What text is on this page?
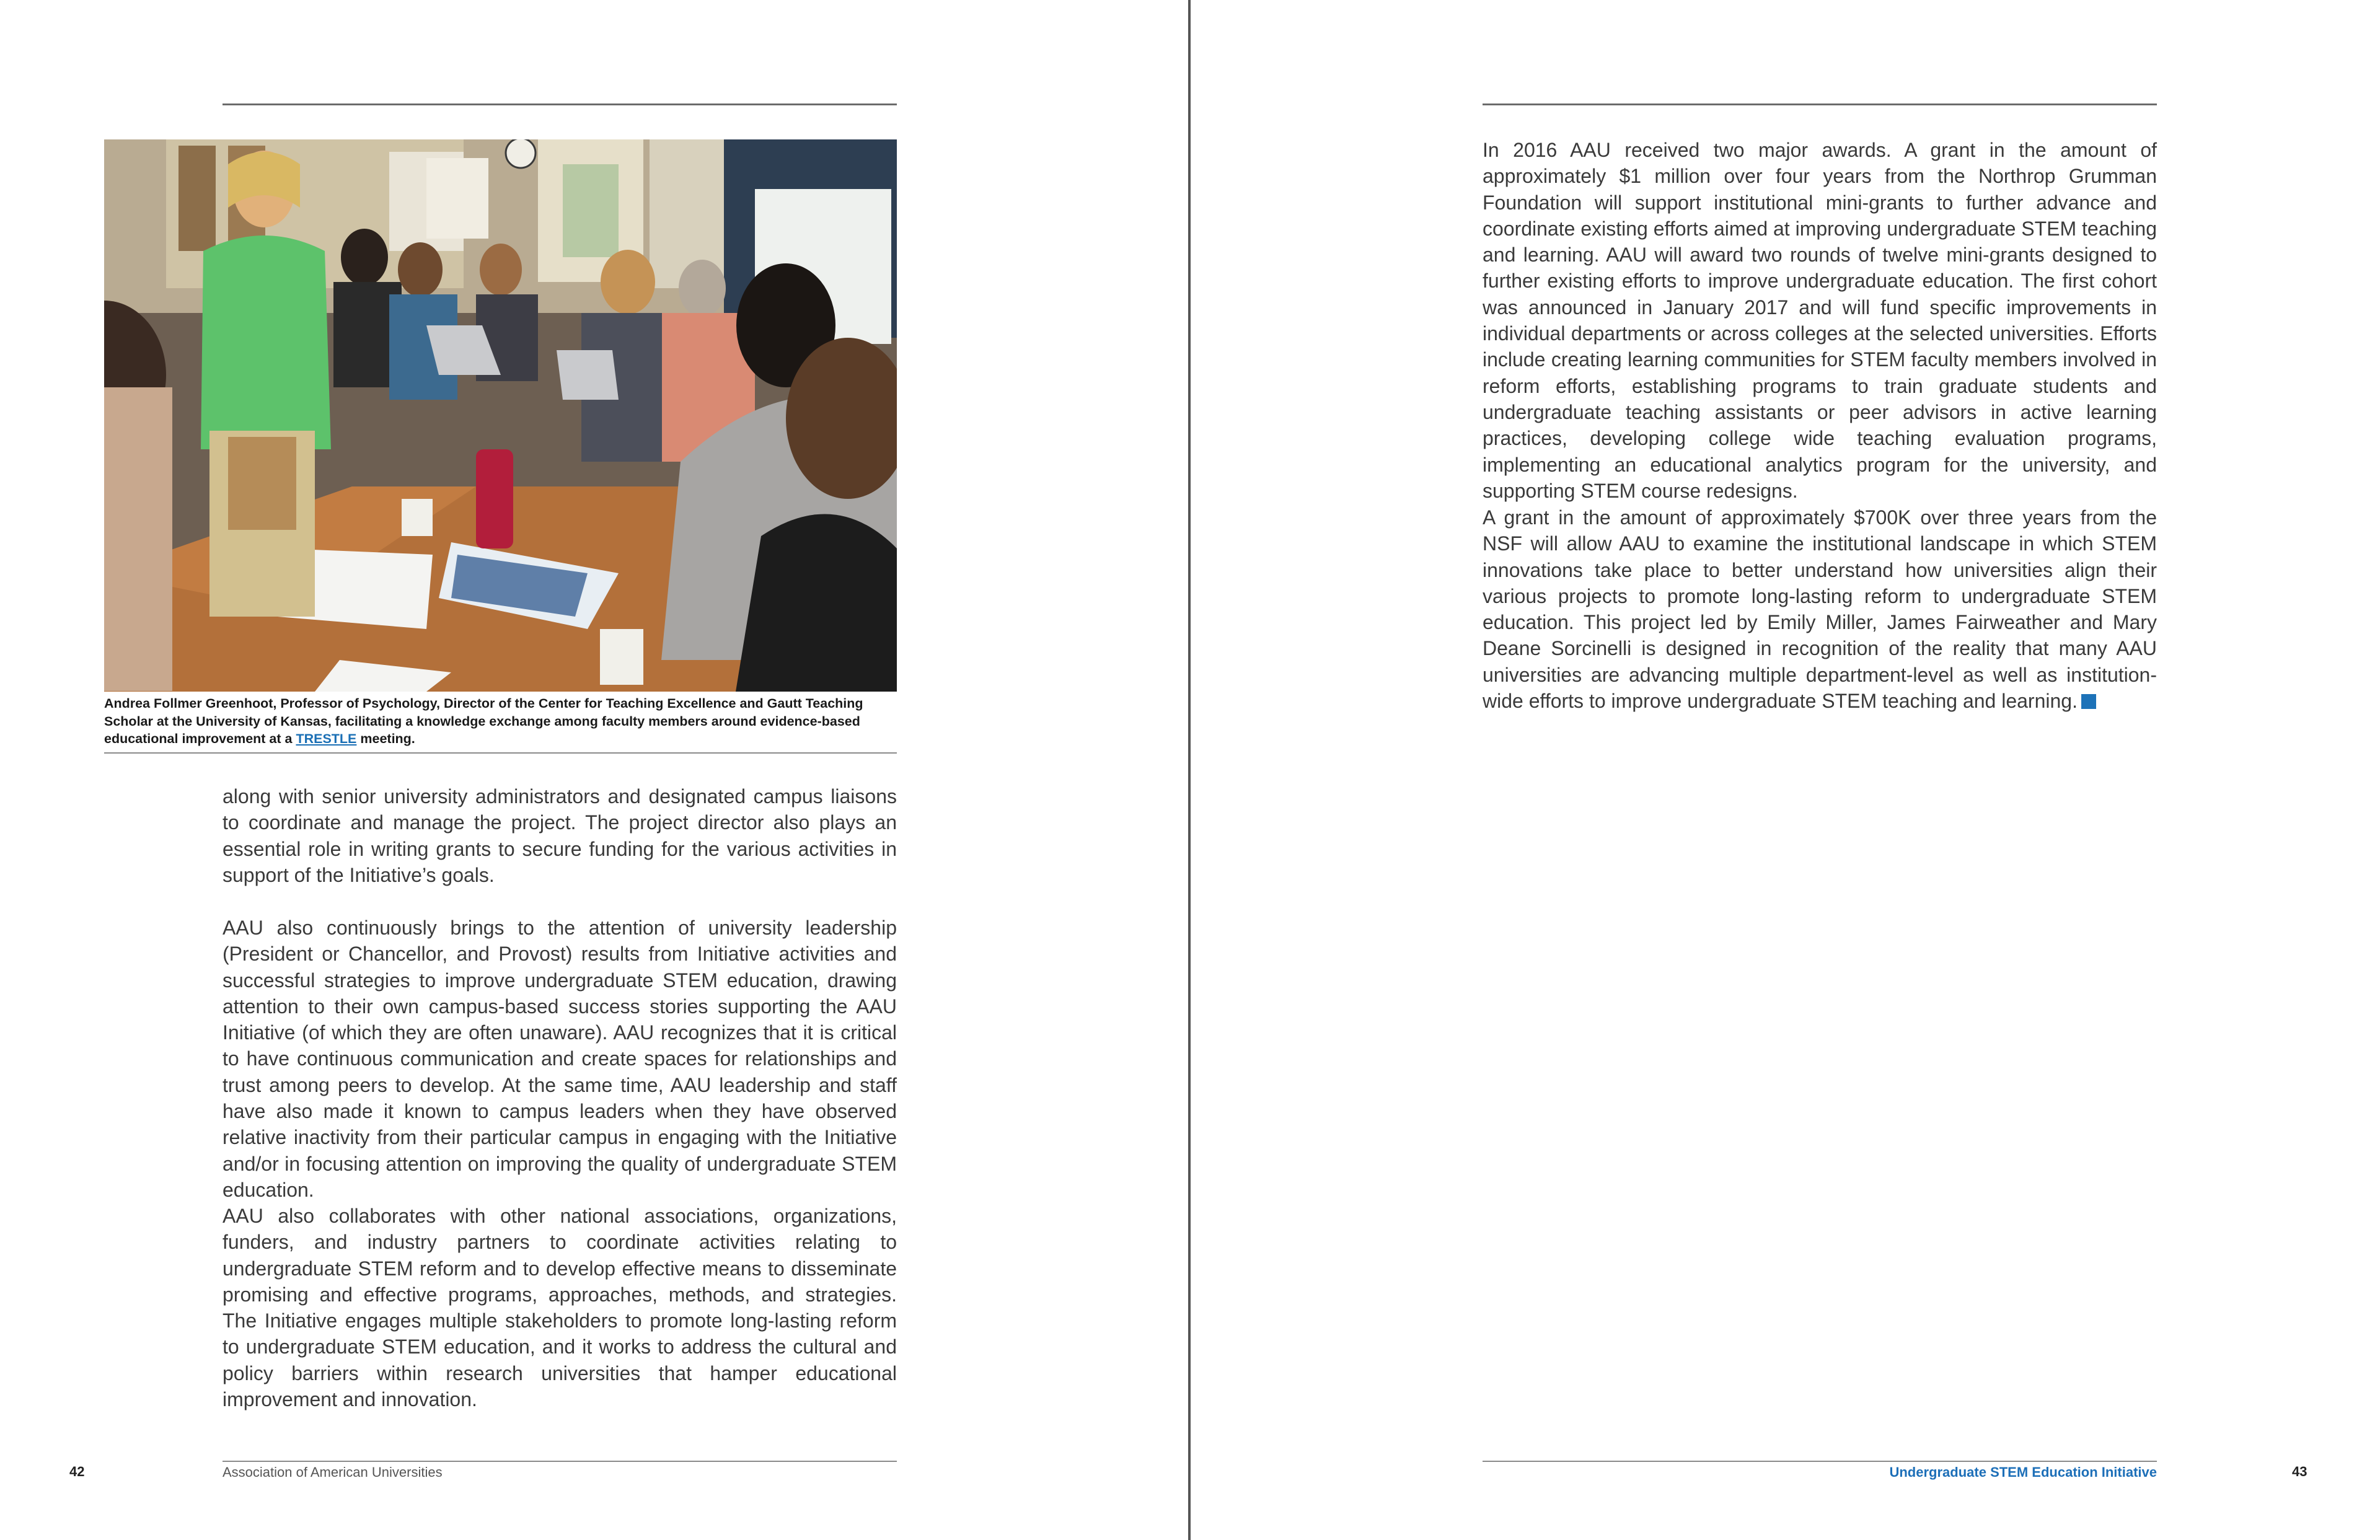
Andrea Follmer Greenhoot, Professor of Psychology, Director of the Center for Teaching Excellence and Gautt Teaching Scholar at the University of Kansas, facilitating a knowledge exchange among faculty members around evidence-based educational improvement at a TRESTLE meeting.

along with senior university administrators and designated campus liaisons to coordinate and manage the project. The project director also plays an essential role in writing grants to secure funding for the various activities in support of the Initiative’s goals.

AAU also continuously brings to the attention of university leadership (President or Chancellor, and Provost) results from Initiative activities and successful strategies to improve undergraduate STEM education, drawing attention to their own campus-based success stories supporting the AAU Initiative (of which they are often unaware). AAU recognizes that it is critical to have continuous communication and create spaces for relationships and trust among peers to develop. At the same time, AAU leadership and staff have also made it known to campus leaders when they have observed relative inactivity from their particular campus in engaging with the Initiative and/or in focusing attention on improving the quality of undergraduate STEM education.

AAU also collaborates with other national associations, organizations, funders, and industry partners to coordinate activities relating to undergraduate STEM reform and to develop effective means to disseminate promising and effective programs, approaches, methods, and strategies. The Initiative engages multiple stakeholders to promote long-lasting reform to undergraduate STEM education, and it works to address the cultural and policy barriers within research universities that hamper educational improvement and innovation.

42	Association of American Universities

In 2016 AAU received two major awards. A grant in the amount of approximately $1 million over four years from the Northrop Grumman Foundation will support institutional mini-grants to further advance and coordinate existing efforts aimed at improving undergraduate STEM teaching and learning. AAU will award two rounds of twelve mini-grants designed to further existing efforts to improve undergraduate education. The first cohort was announced in January 2017 and will fund specific improvements in individual departments or across colleges at the selected universities. Efforts include creating learning communities for STEM faculty members involved in reform efforts, establishing programs to train graduate students and undergraduate teaching assistants or peer advisors in active learning practices, developing college wide teaching evaluation programs, implementing an educational analytics program for the university, and supporting STEM course redesigns.

A grant in the amount of approximately $700K over three years from the NSF will allow AAU to examine the institutional landscape in which STEM innovations take place to better understand how universities align their various projects to promote long-lasting reform to undergraduate STEM education. This project led by Emily Miller, James Fairweather and Mary Deane Sorcinelli is designed in recognition of the reality that many AAU universities are advancing multiple department-level as well as institution-wide efforts to improve undergraduate STEM teaching and learning.

Undergraduate STEM Education Initiative	43
